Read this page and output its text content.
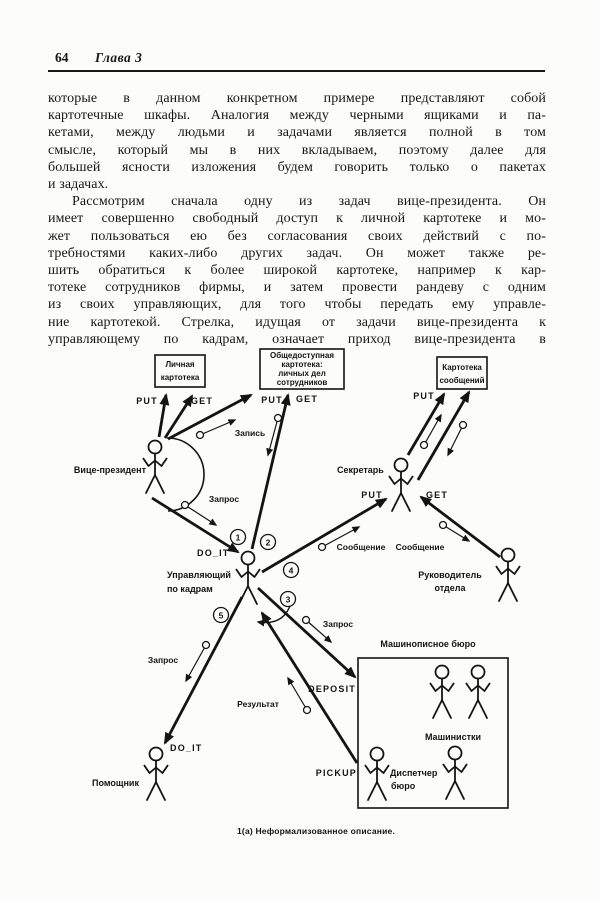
64 Глава 3
которые в данном конкретном примере представляют собой
картотечные шкафы. Аналогия между черными ящиками и па-
кетами, между людьми и задачами является полной в том
смысле, который мы в них вкладываем, поэтому далее для
большей ясности изложения будем говорить только о пакетах
и задачах.
Рассмотрим сначала одну из задач вице-президента. Он
имеет совершенно свободный доступ к личной картотеке и мо-
жет пользоваться ею без согласования своих действий с по-
требностями каких-либо других задач. Он может также ре-
шить обратиться к более широкой картотеке, например к кар-
тотеке сотрудников фирмы, и затем провести рандеву с одним
из своих управляющих, для того чтобы передать ему управле-
ние картотекой. Стрелка, идущая от задачи вице-президента к
управляющему по кадрам, означает приход вице-президента в
Личная
картотека
Общедоступная
картотека:
личных дел
сотрудников
Картотека
сообщений
Машинописное бюро
Машинистки
Диспетчер
бюро
Вице-президент	Секретарь
Руководитель
отдела
Управляющий
по кадрам
Помощник
PUT	GET	PUT GET	PUT
PUT	GET
DO_IT
DO_IT
DEPOSIT
PICKUP
Запись
Запрос
Сообщение Сообщение
Запрос
Запрос
Результат
1	2
3
4
5
1(а) Неформализованное описание.
